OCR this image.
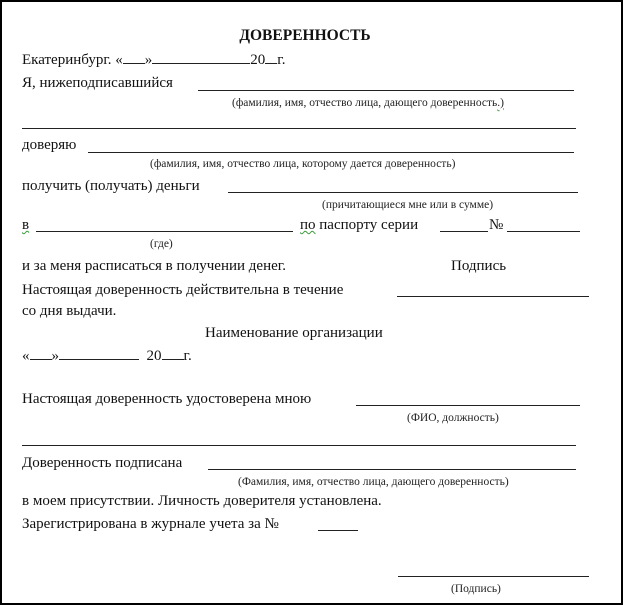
ДОВЕРЕННОСТЬ
Екатеринбург. « »	20 г.
Я, нижеподписавшийся
(фамилия, имя, отчество лица, дающего доверенность.)
доверяю
(фамилия, имя, отчество лица, которому дается доверенность)
получить (получать) деньги
(причитающиеся мне или в сумме)
в	по паспорту серии	№
(где)
и за меня расписаться в получении денег.	Подпись
Настоящая доверенность действительна в течение
со дня выдачи.
Наименование организации
« »	20 г.
Настоящая доверенность удостоверена мною
(ФИО, должность)
Доверенность подписана
(Фамилия, имя, отчество лица, дающего доверенность)
в моем присутствии. Личность доверителя установлена.
Зарегистрирована в журнале учета за №
(Подпись)
